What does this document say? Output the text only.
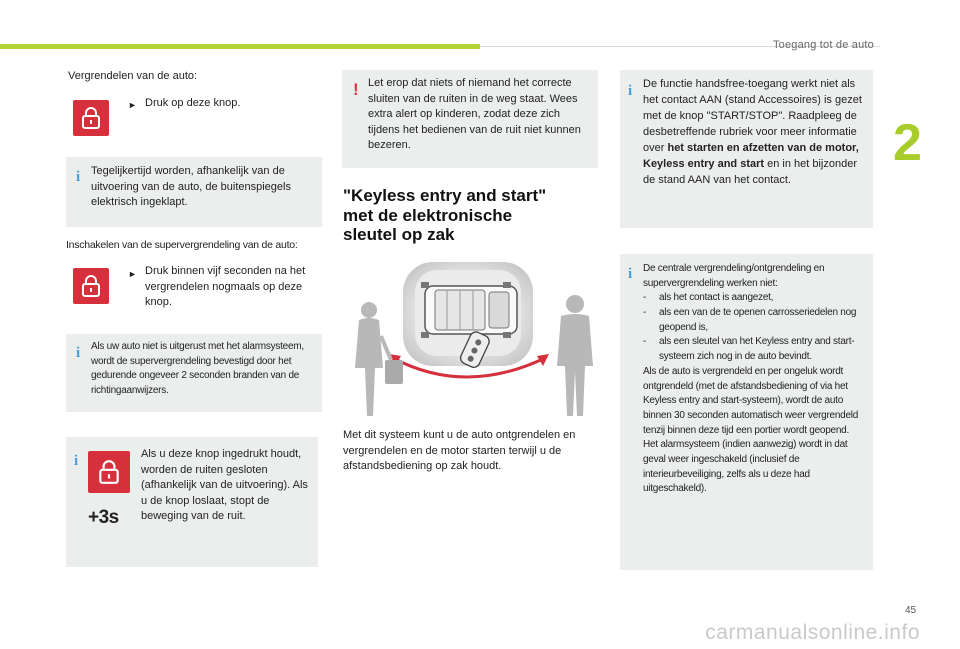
Toegang tot de auto
2
Vergrendelen van de auto:
► Druk op deze knop.
i Tegelijkertijd worden, afhankelijk van de uitvoering van de auto, de buitenspiegels elektrisch ingeklapt.
Inschakelen van de supervergrendeling van de auto:
► Druk binnen vijf seconden na het vergrendelen nogmaals op deze knop.
i Als uw auto niet is uitgerust met het alarmsysteem, wordt de supervergrendeling bevestigd door het gedurende ongeveer 2 seconden branden van de richtingaanwijzers.
i
+3s
Als u deze knop ingedrukt houdt, worden de ruiten gesloten (afhankelijk van de uitvoering). Als u de knop loslaat, stopt de beweging van de ruit.
! Let erop dat niets of niemand het correcte sluiten van de ruiten in de weg staat. Wees extra alert op kinderen, zodat deze zich tijdens het bedienen van de ruit niet kunnen bezeren.
"Keyless entry and start"
met de elektronische
sleutel op zak
Met dit systeem kunt u de auto ontgrendelen en vergrendelen en de motor starten terwijl u de afstandsbediening op zak houdt.
i De functie handsfree-toegang werkt niet als het contact AAN (stand Accessoires) is gezet met de knop "START/STOP". Raadpleeg de desbetreffende rubriek voor meer informatie over het starten en afzetten van de motor, Keyless entry and start en in het bijzonder de stand AAN van het contact.
i De centrale vergrendeling/ontgrendeling en supervergrendeling werken niet:
- als het contact is aangezet,
- als een van de te openen carrosseriedelen nog geopend is,
- als een sleutel van het Keyless entry and start-systeem zich nog in de auto bevindt.
Als de auto is vergrendeld en per ongeluk wordt ontgrendeld (met de afstandsbediening of via het Keyless entry and start-systeem), wordt de auto binnen 30 seconden automatisch weer vergrendeld tenzij binnen deze tijd een portier wordt geopend.
Het alarmsysteem (indien aanwezig) wordt in dat geval weer ingeschakeld (inclusief de interieurbeveiliging, zelfs als u deze had uitgeschakeld).
45
carmanualsonline.info
